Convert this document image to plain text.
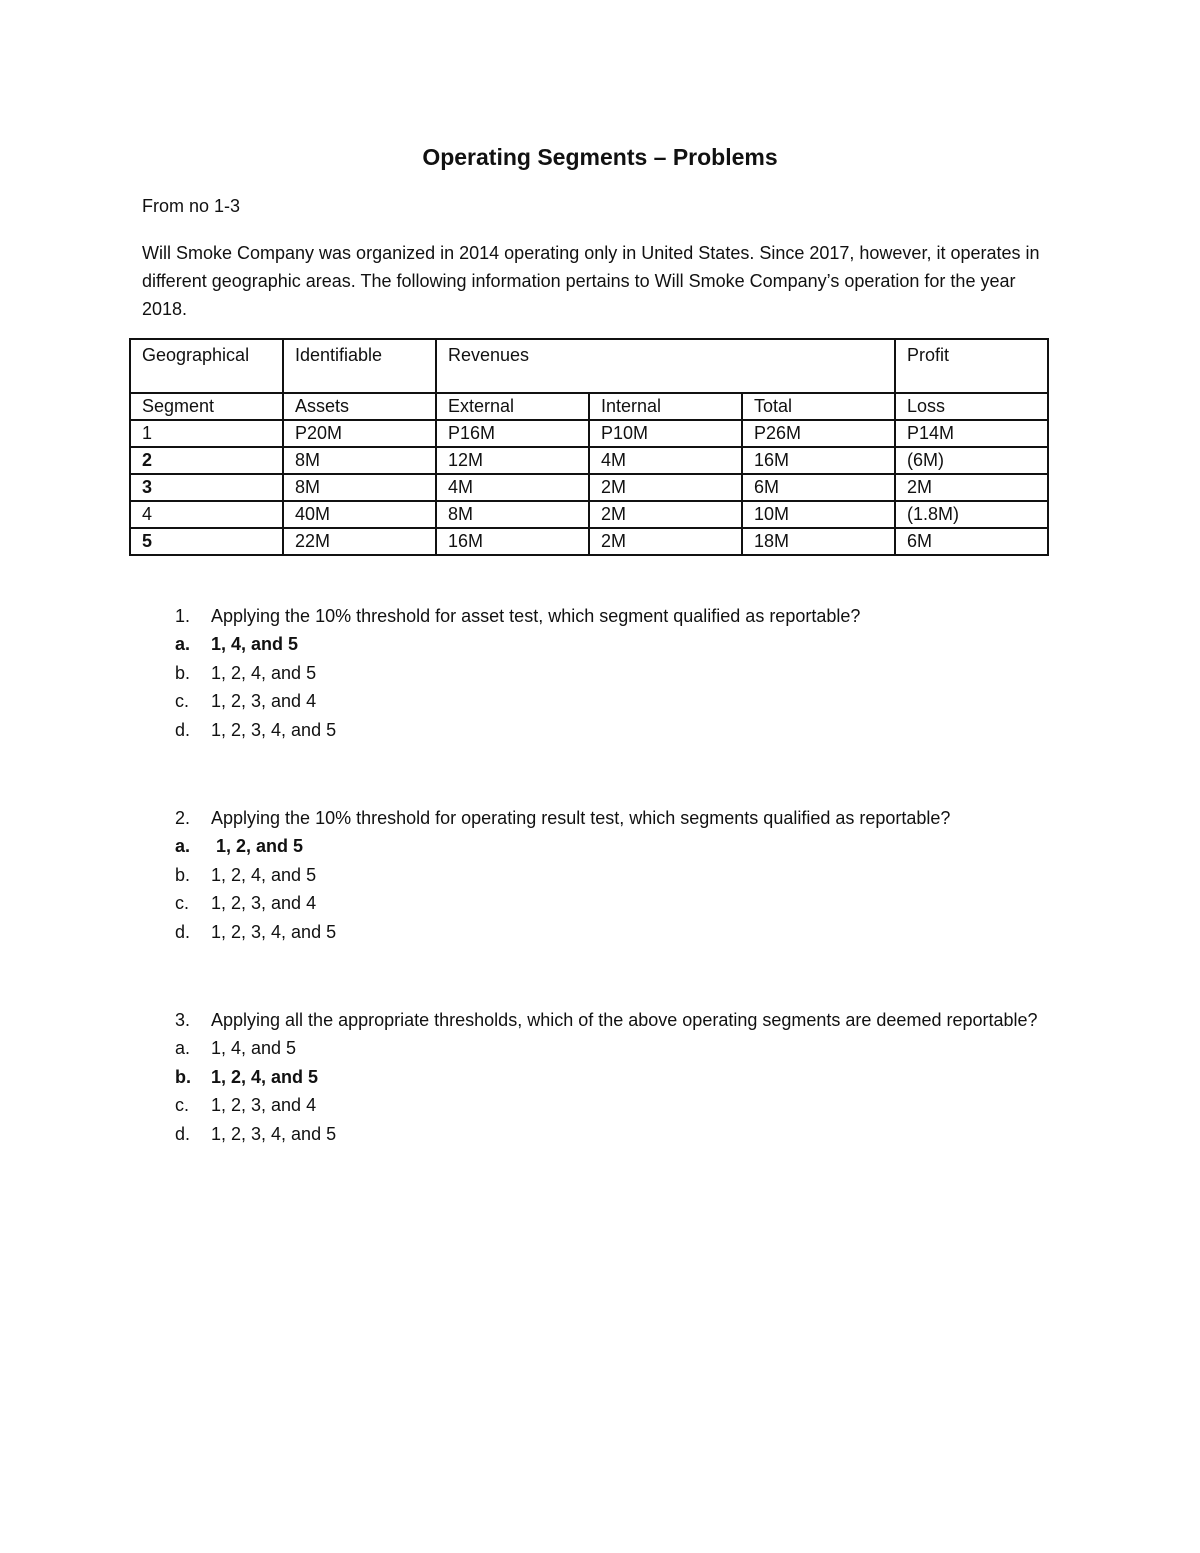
Operating Segments – Problems

From no 1-3

Will Smoke Company was organized in 2014 operating only in United States. Since 2017, however, it operates in different geographic areas. The following information pertains to Will Smoke Company’s operation for the year 2018.

Geographical	Identifiable	Revenues			Profit
Segment	Assets	External	Internal	Total	Loss
1	P20M	P16M	P10M	P26M	P14M
2	8M	12M	4M	16M	(6M)
3	8M	4M	2M	6M	2M
4	40M	8M	2M	10M	(1.8M)
5	22M	16M	2M	18M	6M

1. Applying the 10% threshold for asset test, which segment qualified as reportable?

a. 1, 4, and 5

b. 1, 2, 4, and 5

c. 1, 2, 3, and 4

d. 1, 2, 3, 4, and 5

2. Applying the 10% threshold for operating result test, which segments qualified as reportable?

a. 1, 2, and 5

b. 1, 2, 4, and 5

c. 1, 2, 3, and 4

d. 1, 2, 3, 4, and 5

3. Applying all the appropriate thresholds, which of the above operating segments are deemed reportable?

a. 1, 4, and 5

b. 1, 2, 4, and 5

c. 1, 2, 3, and 4

d. 1, 2, 3, 4, and 5
